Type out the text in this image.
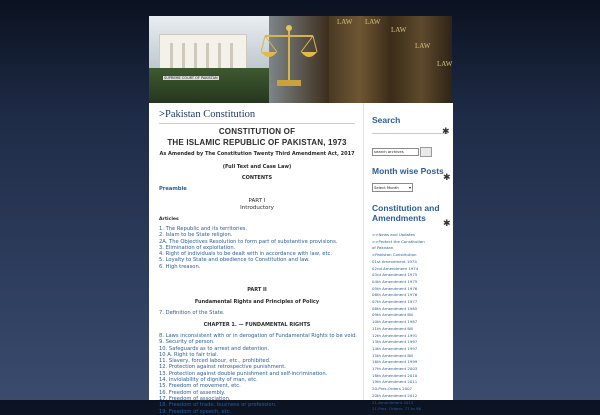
SUPREME COURT OF PAKISTAN
LAW LAW
LAW
LAW
LAW
>Pakistan Constitution
CONSTITUTION OF
THE ISLAMIC REPUBLIC OF PAKISTAN, 1973
As Amended by The Constitution Twenty Third Amendment Act, 2017
(Full Text and Case Law)
CONTENTS
Preamble
PART I
Introductory
Articles
1. The Republic and its territories.
2. Islam to be State religion.
2A. The Objectives Resolution to form part of substantive provisions.
3. Elimination of exploitation.
4. Right of individuals to be dealt with in accordance with law, etc.
5. Loyalty to State and obedience to Constitution and law.
6. High treason.
PART II
Fundamental Rights and Principles of Policy
7. Definition of the State.
CHAPTER 1. — FUNDAMENTAL RIGHTS
8. Laws inconsistent with or in derogation of Fundamental Rights to be void.
9. Security of person.
10. Safeguards as to arrest and detention.
10 A. Right to fair trial.
11. Slavery, forced labour, etc., prohibited.
12. Protection against retrospective punishment.
13. Protection against double punishment and self-incrimination.
14. Inviolability of dignity of man, etc.
15. Freedom of movement, etc.
16. Freedom of assembly.
17. Freedom of association.
18. Freedom of trade, business or profession.
19. Freedom of speech, etc.
Search
✱
search archives
Month wise Posts
✱
Select Month	▾
Constitution and
Amendments
✱
>>News and Updates
>>Protect the Constitution
of Pakistan
>Pakistan Constitution
01st Amendment 1974
02nd Amendment 1974
03rd Amendment 1975
04th Amendment 1975
05th Amendment 1976
06th Amendment 1976
07th Amendment 1977
08th Amendment 1985
09th Amendment Bill
10th Amendment 1987
11th Amendment Bill
12th Amendment 1991
13th Amendment 1997
14th Amendment 1997
15th Amendment Bill
16th Amendment 1999
17th Amendment 2003
18th Amendment 2010
19th Amendment 2011
20-Pres.Orders 2007
20th Amendment 2012
21-Amendment 2015
21-Pres. Orders: 77 to 96
